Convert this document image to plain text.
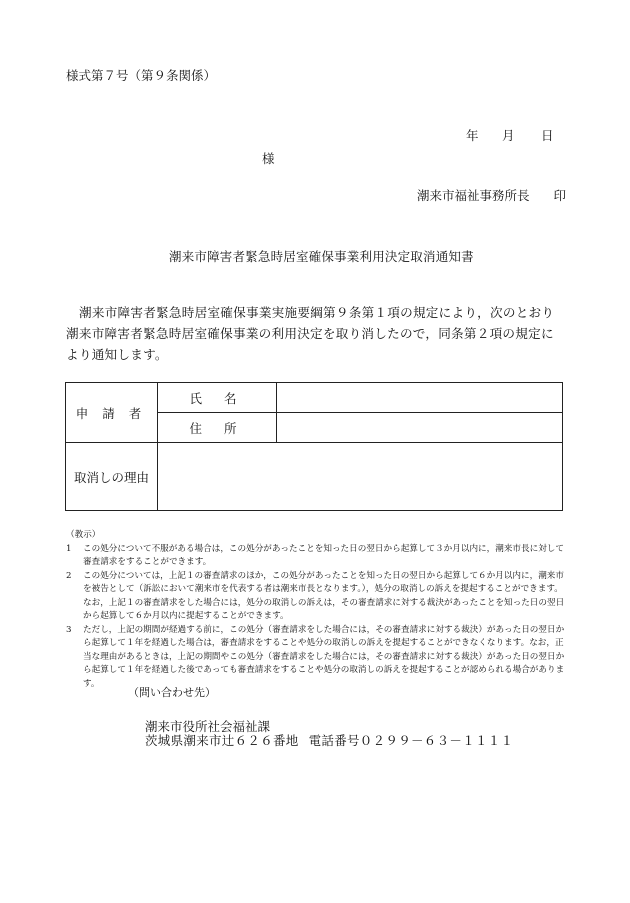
様式第７号（第９条関係）
年 月 日
様
潮来市福祉事務所長 印
潮来市障害者緊急時居室確保事業利用決定取消通知書
潮来市障害者緊急時居室確保事業実施要綱第９条第１項の規定により，次のとおり潮来市障害者緊急時居室確保事業の利用決定を取り消したので，同条第２項の規定により通知します。
申請者	氏名	
	住所	
取消しの理由		
（教示）
1 この処分について不服がある場合は，この処分があったことを知った日の翌日から起算して３か月以内に，潮来市長に対して審査請求をすることができます。
2 この処分については，上記１の審査請求のほか，この処分があったことを知った日の翌日から起算して６か月以内に，潮来市を被告として（訴訟において潮来市を代表する者は潮来市長となります。），処分の取消しの訴えを提起することができます。なお，上記１の審査請求をした場合には，処分の取消しの訴えは，その審査請求に対する裁決があったことを知った日の翌日から起算して６か月以内に提起することができます。
3 ただし，上記の期間が経過する前に，この処分（審査請求をした場合には，その審査請求に対する裁決）があった日の翌日から起算して１年を経過した場合は，審査請求をすることや処分の取消しの訴えを提起することができなくなります。なお，正当な理由があるときは，上記の期間やこの処分（審査請求をした場合には，その審査請求に対する裁決）があった日の翌日から起算して１年を経過した後であっても審査請求をすることや処分の取消しの訴えを提起することが認められる場合があります。
（問い合わせ先）
潮来市役所社会福祉課
茨城県潮来市辻６２６番地 電話番号０２９９－６３－１１１１
